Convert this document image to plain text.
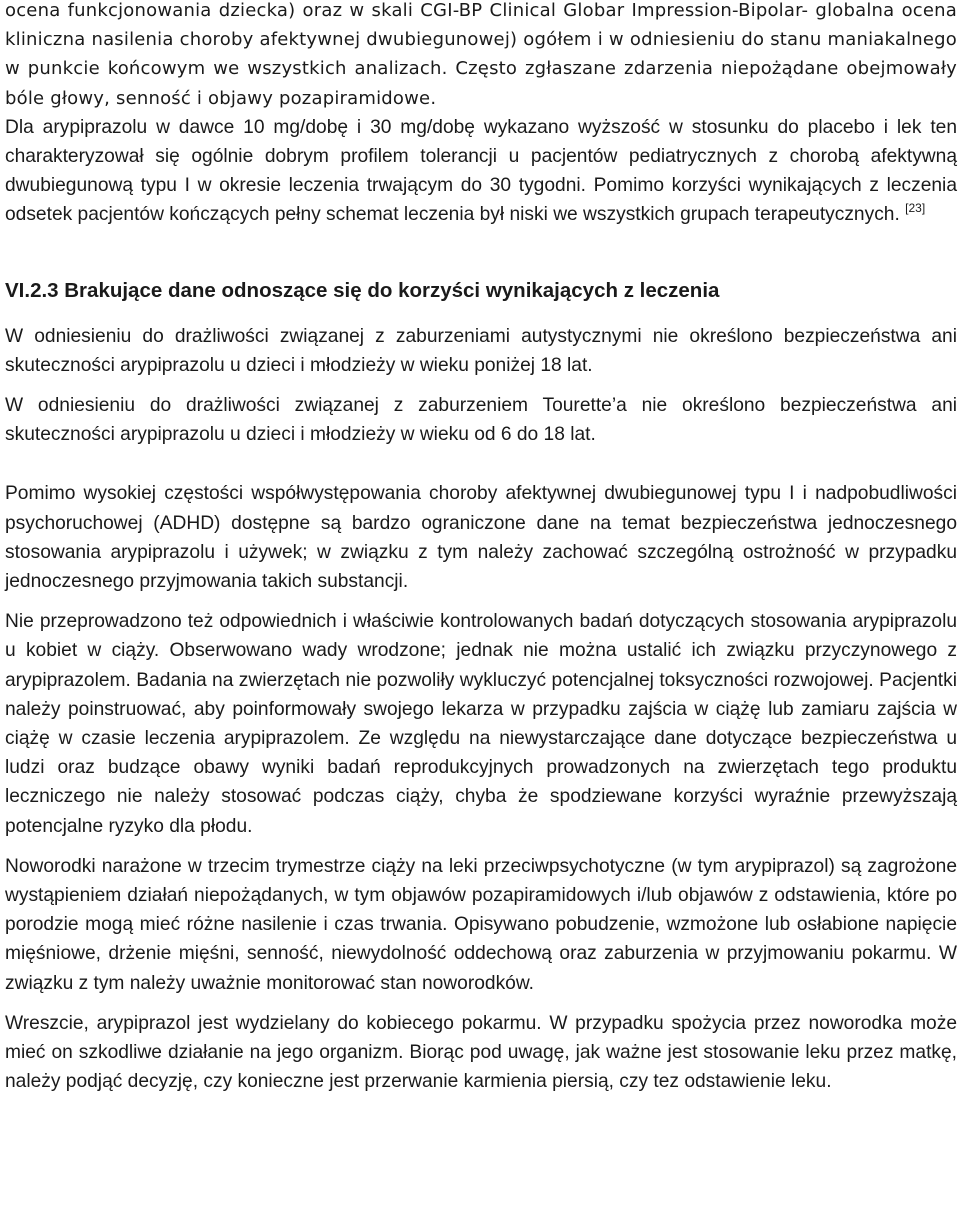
ocena funkcjonowania dziecka) oraz w skali CGI-BP Clinical Globar Impression-Bipolar- globalna ocena kliniczna nasilenia choroby afektywnej dwubiegunowej) ogółem i w odniesieniu do stanu maniakalnego w punkcie końcowym we wszystkich analizach. Często zgłaszane zdarzenia niepożądane obejmowały bóle głowy, senność i objawy pozapiramidowe.

Dla arypiprazolu w dawce 10 mg/dobę i 30 mg/dobę wykazano wyższość w stosunku do placebo i lek ten charakteryzował się ogólnie dobrym profilem tolerancji u pacjentów pediatrycznych z chorobą afektywną dwubiegunową typu I w okresie leczenia trwającym do 30 tygodni. Pomimo korzyści wynikających z leczenia odsetek pacjentów kończących pełny schemat leczenia był niski we wszystkich grupach terapeutycznych. [23]

VI.2.3 Brakujące dane odnoszące się do korzyści wynikających z leczenia

W odniesieniu do drażliwości związanej z zaburzeniami autystycznymi nie określono bezpieczeństwa ani skuteczności arypiprazolu u dzieci i młodzieży w wieku poniżej 18 lat.

W odniesieniu do drażliwości związanej z zaburzeniem Tourette’a nie określono bezpieczeństwa ani skuteczności arypiprazolu u dzieci i młodzieży w wieku od 6 do 18 lat.

Pomimo wysokiej częstości współwystępowania choroby afektywnej dwubiegunowej typu I i nadpobudliwości psychoruchowej (ADHD) dostępne są bardzo ograniczone dane na temat bezpieczeństwa jednoczesnego stosowania arypiprazolu i używek; w związku z tym należy zachować szczególną ostrożność w przypadku jednoczesnego przyjmowania takich substancji.

Nie przeprowadzono też odpowiednich i właściwie kontrolowanych badań dotyczących stosowania arypiprazolu u kobiet w ciąży. Obserwowano wady wrodzone; jednak nie można ustalić ich związku przyczynowego z arypiprazolem. Badania na zwierzętach nie pozwoliły wykluczyć potencjalnej toksyczności rozwojowej. Pacjentki należy poinstruować, aby poinformowały swojego lekarza w przypadku zajścia w ciążę lub zamiaru zajścia w ciążę w czasie leczenia arypiprazolem. Ze względu na niewystarczające dane dotyczące bezpieczeństwa u ludzi oraz budzące obawy wyniki badań reprodukcyjnych prowadzonych na zwierzętach tego produktu leczniczego nie należy stosować podczas ciąży, chyba że spodziewane korzyści wyraźnie przewyższają potencjalne ryzyko dla płodu.

Noworodki narażone w trzecim trymestrze ciąży na leki przeciwpsychotyczne (w tym arypiprazol) są zagrożone wystąpieniem działań niepożądanych, w tym objawów pozapiramidowych i/lub objawów z odstawienia, które po porodzie mogą mieć różne nasilenie i czas trwania. Opisywano pobudzenie, wzmożone lub osłabione napięcie mięśniowe, drżenie mięśni, senność, niewydolność oddechową oraz zaburzenia w przyjmowaniu pokarmu. W związku z tym należy uważnie monitorować stan noworodków.

Wreszcie, arypiprazol jest wydzielany do kobiecego pokarmu. W przypadku spożycia przez noworodka może mieć on szkodliwe działanie na jego organizm. Biorąc pod uwagę, jak ważne jest stosowanie leku przez matkę, należy podjąć decyzję, czy konieczne jest przerwanie karmienia piersią, czy tez odstawienie leku.
